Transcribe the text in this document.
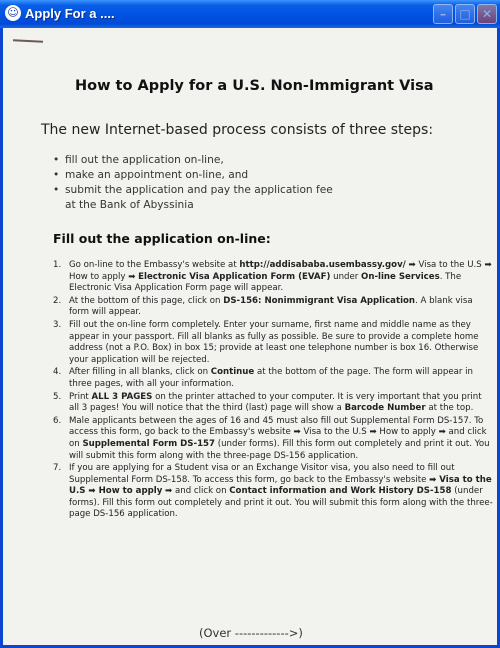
☺ Apply For a ....	–	□ ✕
How to Apply for a U.S. Non-Immigrant Visa
The new Internet-based process consists of three steps:
• fill out the application on-line,
• make an appointment on-line, and
• submit the application and pay the application fee
at the Bank of Abyssinia
Fill out the application on-line:
1. Go on-line to the Embassy's website at http://addisababa.usembassy.gov/ ➡ Visa to the U.S ➡ How to apply ➡ Electronic Visa Application Form (EVAF) under On-line Services. The Electronic Visa Application Form page will appear.
2. At the bottom of this page, click on DS-156: Nonimmigrant Visa Application. A blank visa form will appear.
3. Fill out the on-line form completely. Enter your surname, first name and middle name as they appear in your passport. Fill all blanks as fully as possible. Be sure to provide a complete home address (not a P.O. Box) in box 15; provide at least one telephone number is box 16. Otherwise your application will be rejected.
4. After filling in all blanks, click on Continue at the bottom of the page. The form will appear in three pages, with all your information.
5. Print ALL 3 PAGES on the printer attached to your computer. It is very important that you print all 3 pages! You will notice that the third (last) page will show a Barcode Number at the top.
6. Male applicants between the ages of 16 and 45 must also fill out Supplemental Form DS-157. To access this form, go back to the Embassy's website ➡ Visa to the U.S ➡ How to apply ➡ and click on Supplemental Form DS-157 (under forms). Fill this form out completely and print it out. You will submit this form along with the three-page DS-156 application.
7. If you are applying for a Student visa or an Exchange Visitor visa, you also need to fill out Supplemental Form DS-158. To access this form, go back to the Embassy's website ➡ Visa to the U.S ➡ How to apply ➡ and click on Contact information and Work History DS-158 (under forms). Fill this form out completely and print it out. You will submit this form along with the three-page DS-156 application.
(Over ------------->)
